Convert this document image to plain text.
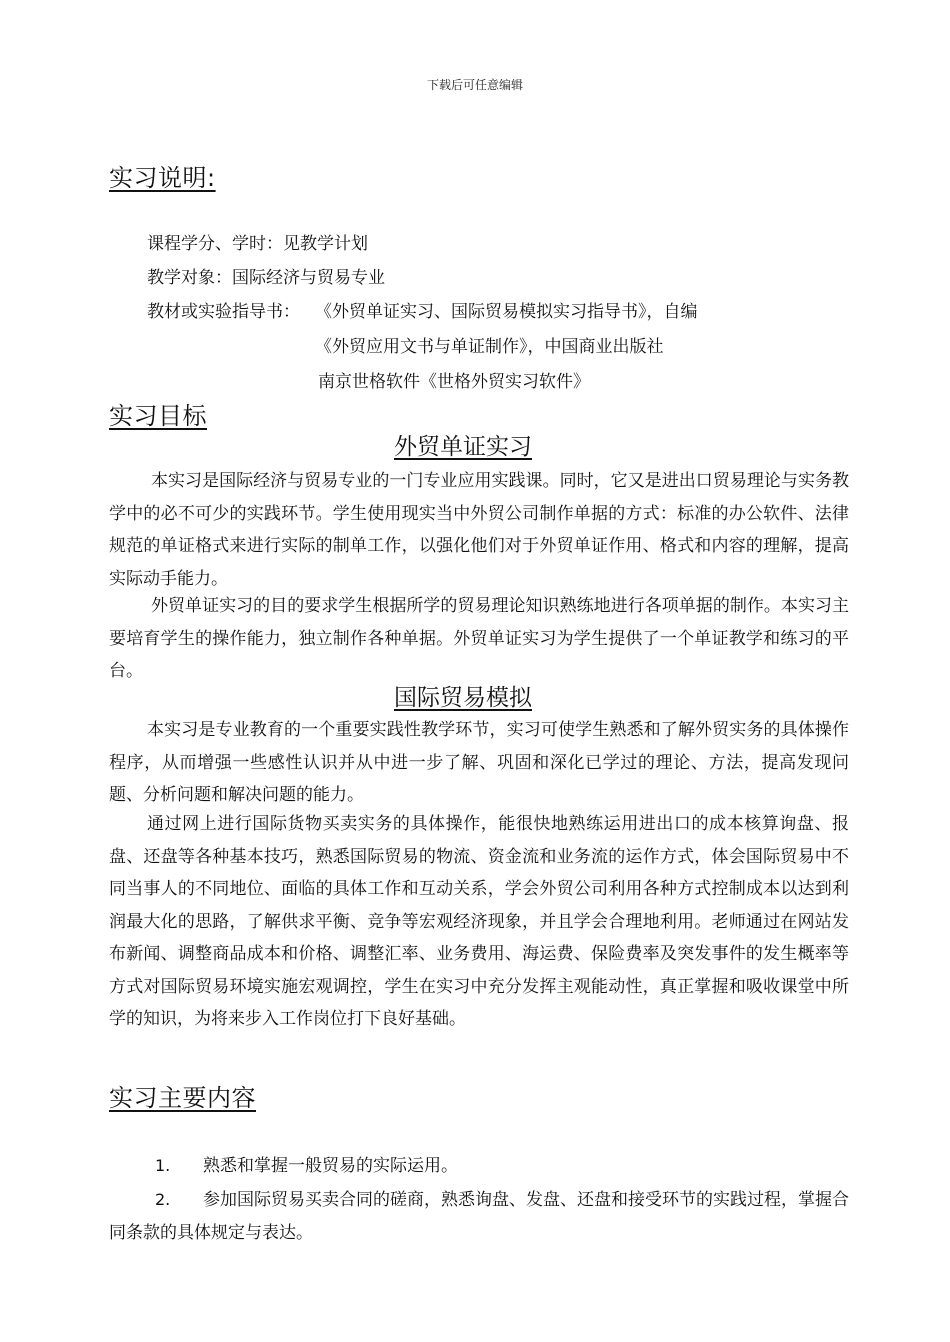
下载后可任意编辑
实习说明:
课程学分、学时：见教学计划
教学对象：国际经济与贸易专业
教材或实验指导书： 《外贸单证实习、国际贸易模拟实习指导书》，自编
《外贸应用文书与单证制作》，中国商业出版社
南京世格软件《世格外贸实习软件》
实习目标
外贸单证实习

本实习是国际经济与贸易专业的一门专业应用实践课。同时，它又是进出口贸易理论与实务教学中的必不可少的实践环节。学生使用现实当中外贸公司制作单据的方式：标准的办公软件、法律规范的单证格式来进行实际的制单工作，以强化他们对于外贸单证作用、格式和内容的理解，提高实际动手能力。

外贸单证实习的目的要求学生根据所学的贸易理论知识熟练地进行各项单据的制作。本实习主要培育学生的操作能力，独立制作各种单据。外贸单证实习为学生提供了一个单证教学和练习的平台。

国际贸易模拟

本实习是专业教育的一个重要实践性教学环节，实习可使学生熟悉和了解外贸实务的具体操作程序，从而增强一些感性认识并从中进一步了解、巩固和深化已学过的理论、方法，提高发现问题、分析问题和解决问题的能力。

通过网上进行国际货物买卖实务的具体操作，能很快地熟练运用进出口的成本核算询盘、报盘、还盘等各种基本技巧，熟悉国际贸易的物流、资金流和业务流的运作方式，体会国际贸易中不同当事人的不同地位、面临的具体工作和互动关系，学会外贸公司利用各种方式控制成本以达到利润最大化的思路，了解供求平衡、竞争等宏观经济现象，并且学会合理地利用。老师通过在网站发布新闻、调整商品成本和价格、调整汇率、业务费用、海运费、保险费率及突发事件的发生概率等方式对国际贸易环境实施宏观调控，学生在实习中充分发挥主观能动性，真正掌握和吸收课堂中所学的知识，为将来步入工作岗位打下良好基础。

实习主要内容

1. 熟悉和掌握一般贸易的实际运用。

2. 参加国际贸易买卖合同的磋商，熟悉询盘、发盘、还盘和接受环节的实践过程，掌握合同条款的具体规定与表达。
